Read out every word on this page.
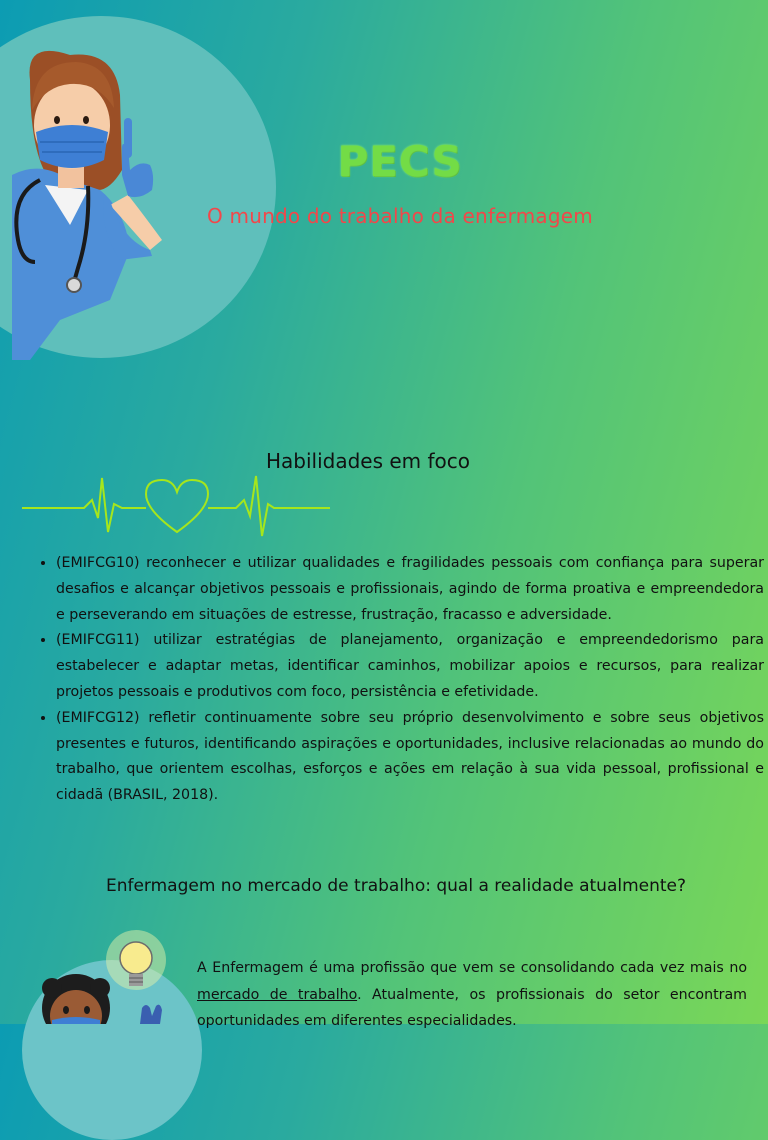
PECS
O mundo do trabalho da enfermagem
Habilidades em foco
• (EMIFCG10) reconhecer e utilizar qualidades e fragilidades pessoais com confiança para superar desafios e alcançar objetivos pessoais e profissionais, agindo de forma proativa e empreendedora e perseverando em situações de estresse, frustração, fracasso e adversidade.
• (EMIFCG11) utilizar estratégias de planejamento, organização e empreendedorismo para estabelecer e adaptar metas, identificar caminhos, mobilizar apoios e recursos, para realizar projetos pessoais e produtivos com foco, persistência e efetividade.
• (EMIFCG12) refletir continuamente sobre seu próprio desenvolvimento e sobre seus objetivos presentes e futuros, identificando aspirações e oportunidades, inclusive relacionadas ao mundo do trabalho, que orientem escolhas, esforços e ações em relação à sua vida pessoal, profissional e cidadã (BRASIL, 2018).
Enfermagem no mercado de trabalho: qual a realidade atualmente?
A Enfermagem é uma profissão que vem se consolidando cada vez mais no mercado de trabalho. Atualmente, os profissionais do setor encontram oportunidades em diferentes especialidades.
